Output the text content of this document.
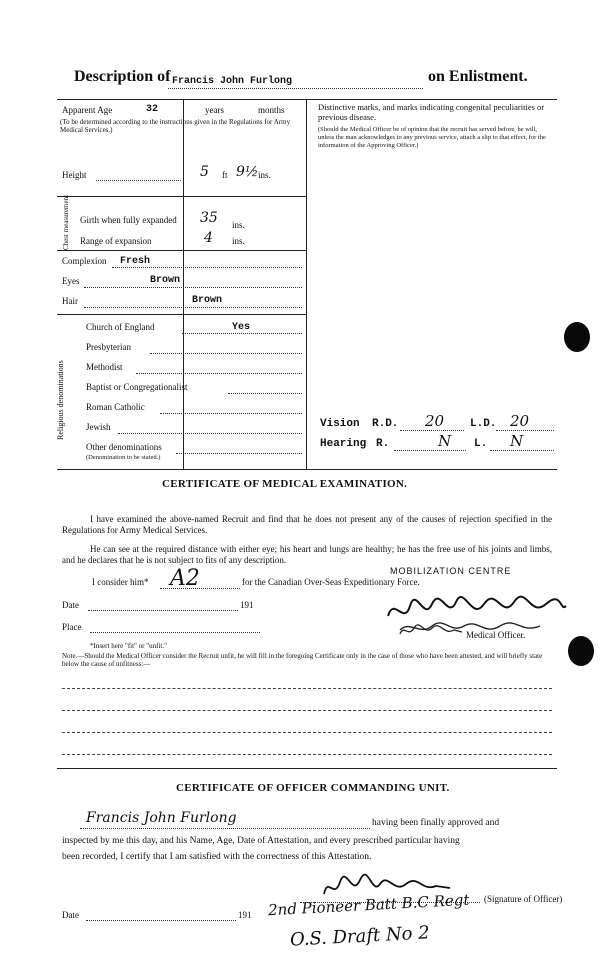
Description of Francis John Furlong	on Enlistment.
Apparent Age	32	years	months
(To be determined according to the instructions given in the Regulations for Army Medical Services.)
Height	5 ft 9½ ins.
Chest measurement Girth when fully expanded 35 ins.
Range of expansion	4 ins.
Complexion Fresh
Eyes	Brown
Hair	Brown
Religious denominations
Church of England	Yes
Presbyterian
Methodist
Baptist or Congregationalist
Roman Catholic
Jewish
Other denominations
(Denomination to be stated.)
Distinctive marks, and marks indicating congenital peculiarities or previous disease.
(Should the Medical Officer be of opinion that the recruit has served before, he will, unless the man acknowledges to any previous service, attach a slip to that effect, for the information of the Approving Officer.)
Vision R.D. 20 L.D. 20
Hearing R.	N L. N
CERTIFICATE OF MEDICAL EXAMINATION.
I have examined the above-named Recruit and find that he does not present any of the causes of rejection specified in the Regulations for Army Medical Services.
He can see at the required distance with either eye; his heart and lungs are healthy; he has the free use of his joints and limbs, and he declares that he is not subject to fits of any description.
I consider him* A2	for the Canadian Over-Seas Expeditionary Force.
MOBILIZATION CENTRE
Date	191
Place
Medical Officer.
*Insert here "fit" or "unfit."
Note.—Should the Medical Officer consider the Recruit unfit, he will fill in the foregoing Certificate only in the case of those who have been attested, and will briefly state below the cause of unfitness:—
CERTIFICATE OF OFFICER COMMANDING UNIT.
Francis John Furlong	having been finally approved and
inspected by me this day, and his Name, Age, Date of Attestation, and every prescribed particular having
been recorded, I certify that I am satisfied with the correctness of this Attestation.
(Signature of Officer)
Date	191 2nd Pioneer Batt B.C Regt
O.S. Draft No 2
